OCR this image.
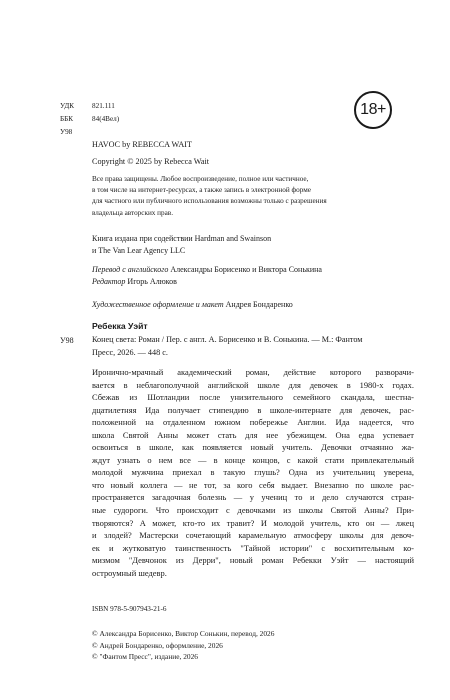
УДК
ББК
У98
821.111
84(4Вел)
18+
HAVOC by REBECCA WAIT
Copyright © 2025 by Rebecca Wait
Все права защищены. Любое воспроизведение, полное или частичное,
в том числе на интернет-ресурсах, а также запись в электронной форме
для частного или публичного использования возможны только с разрешения
владельца авторских прав.
Книга издана при содействии Hardman and Swainson
и The Van Lear Agency LLC
Перевод с английского Александры Борисенко и Виктора Сонькина
Редактор Игорь Алюков
Художественное оформление и макет Андрея Бондаренко
Ребекка Уэйт
У98 Конец света: Роман / Пер. с англ. А. Борисенко и В. Сонькина. — М.: Фантом
Пресс, 2026. — 448 с.
Иронично-мрачный академический роман, действие которого разворачи-
вается в неблагополучной английской школе для девочек в 1980-х годах.
Сбежав из Шотландии после унизительного семейного скандала, шестна-
дцатилетняя Ида получает стипендию в школе-интернате для девочек, рас-
положенной на отдаленном южном побережье Англии. Ида надеется, что
школа Святой Анны может стать для нее убежищем. Она едва успевает
освоиться в школе, как появляется новый учитель. Девочки отчаянно жа-
ждут узнать о нем все — в конце концов, с какой стати привлекательный
молодой мужчина приехал в такую глушь? Одна из учительниц уверена,
что новый коллега — не тот, за кого себя выдает. Внезапно по школе рас-
пространяется загадочная болезнь — у учениц то и дело случаются стран-
ные судороги. Что происходит с девочками из школы Святой Анны? При-
творяются? А может, кто-то их травит? И молодой учитель, кто он — лжец
и злодей? Мастерски сочетающий карамельную атмосферу школы для девоч-
ек и жутковатую таинственность "Тайной истории" с восхитительным ко-
мизмом "Девчонок из Дерри", новый роман Ребекки Уэйт — настоящий
остроумный шедевр.
ISBN 978-5-907943-21-6
© Александра Борисенко, Виктор Сонькин, перевод, 2026
© Андрей Бондаренко, оформление, 2026
© "Фантом Пресс", издание, 2026
